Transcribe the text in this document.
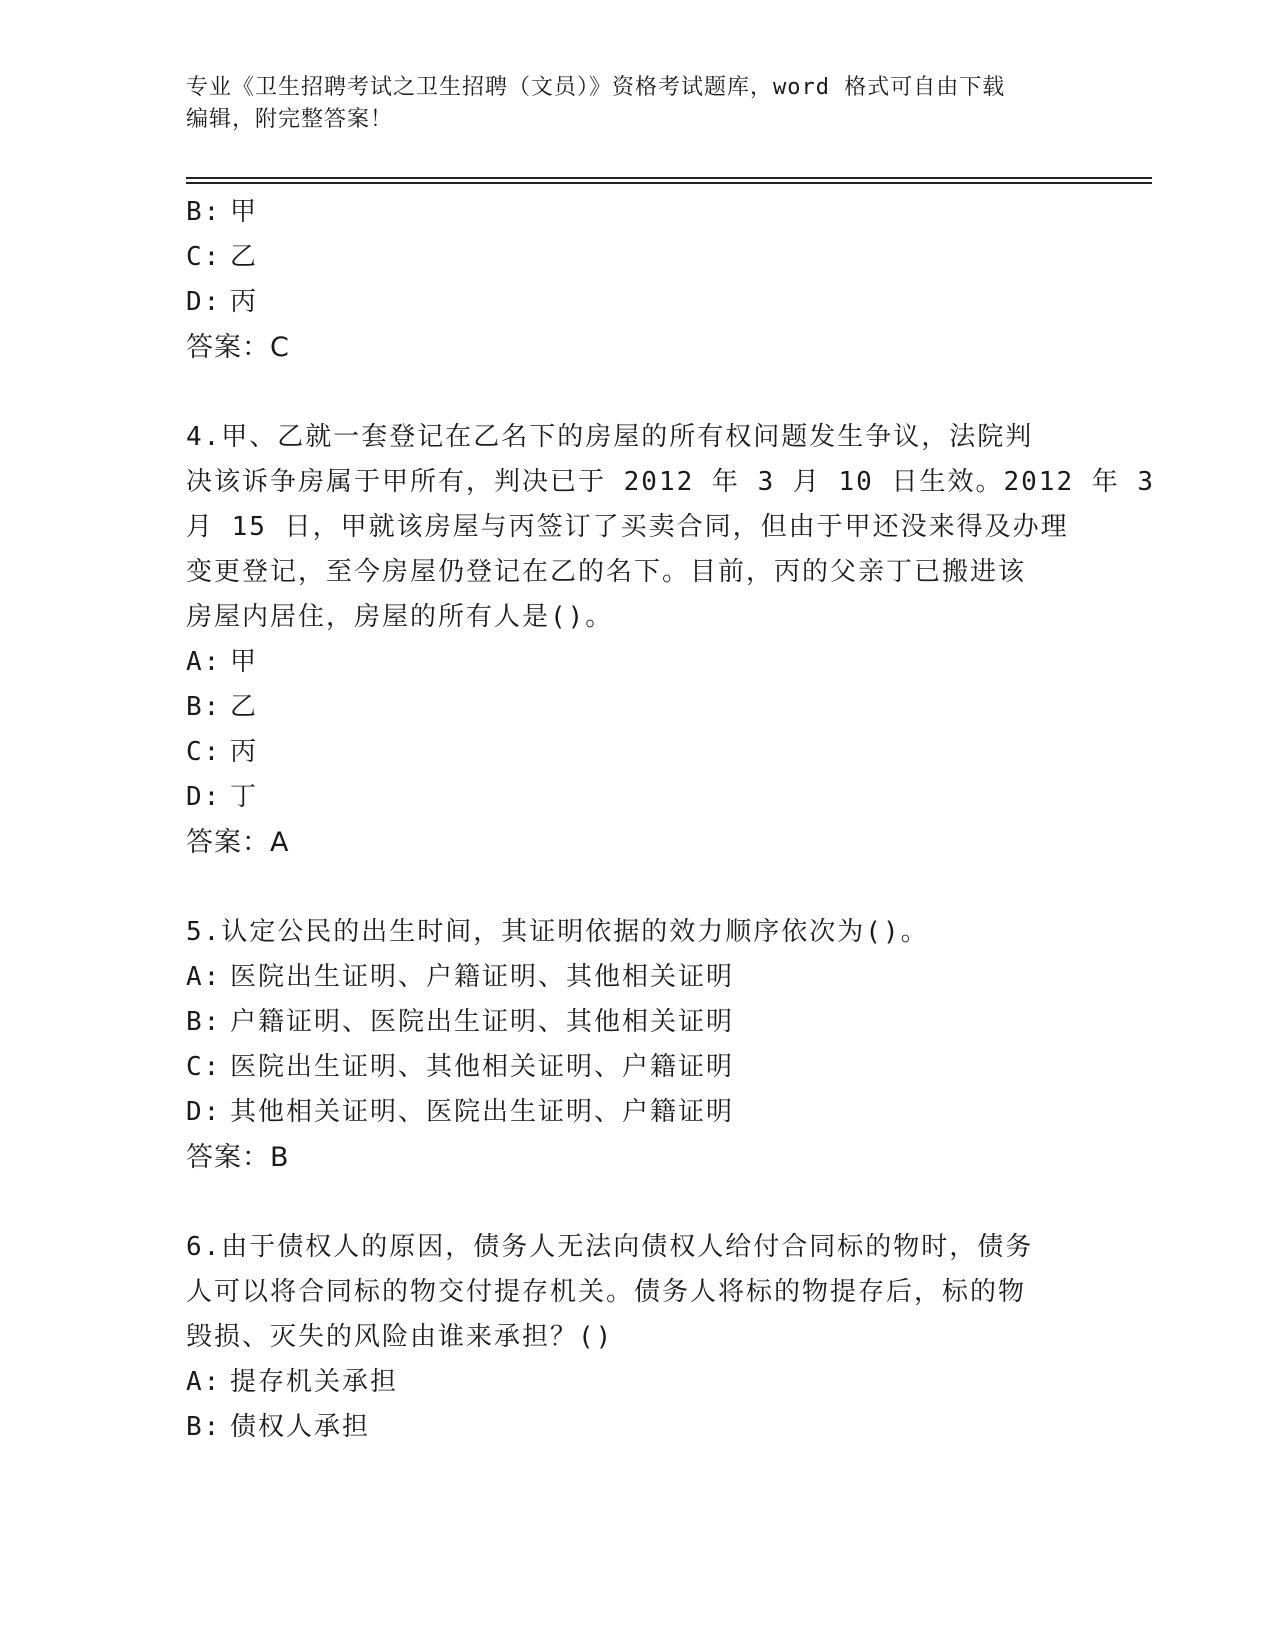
专业《卫生招聘考试之卫生招聘（文员）》资格考试题库，word 格式可自由下载
编辑，附完整答案！
B: 甲
C: 乙
D: 丙
答案：C
4.甲、乙就一套登记在乙名下的房屋的所有权问题发生争议，法院判
决该诉争房属于甲所有，判决已于 2012 年 3 月 10 日生效。2012 年 3
月 15 日，甲就该房屋与丙签订了买卖合同，但由于甲还没来得及办理
变更登记，至今房屋仍登记在乙的名下。目前，丙的父亲丁已搬进该
房屋内居住，房屋的所有人是()。
A: 甲
B: 乙
C: 丙
D: 丁
答案：A
5.认定公民的出生时间，其证明依据的效力顺序依次为()。
A: 医院出生证明、户籍证明、其他相关证明
B: 户籍证明、医院出生证明、其他相关证明
C: 医院出生证明、其他相关证明、户籍证明
D: 其他相关证明、医院出生证明、户籍证明
答案：B
6.由于债权人的原因，债务人无法向债权人给付合同标的物时，债务
人可以将合同标的物交付提存机关。债务人将标的物提存后，标的物
毁损、灭失的风险由谁来承担？()
A: 提存机关承担
B: 债权人承担
